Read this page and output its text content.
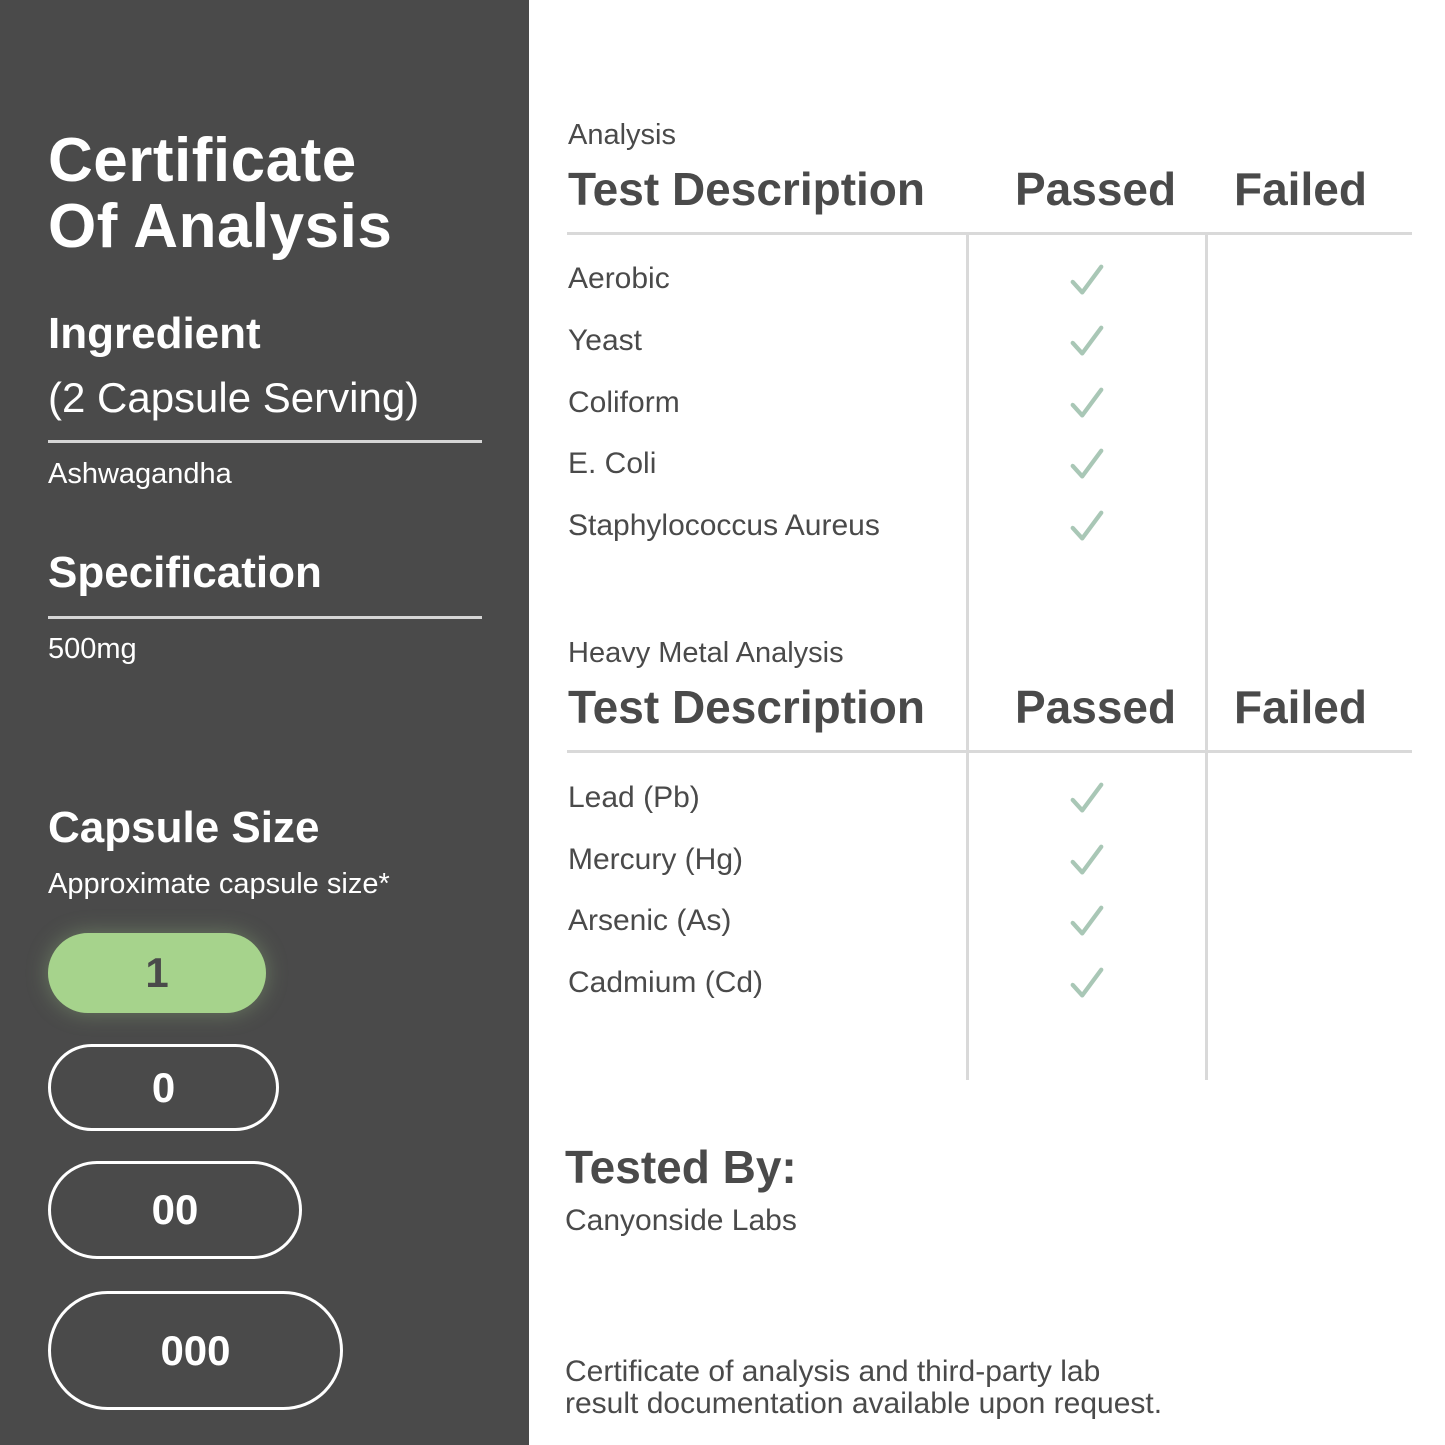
Certificate
Of Analysis
Ingredient
(2 Capsule Serving)
Ashwagandha
Specification
500mg
Capsule Size
Approximate capsule size*
1
0
00
000
Analysis
Test Description Passed Failed
Aerobic
Yeast
Coliform
E. Coli
Staphylococcus Aureus
Heavy Metal Analysis
Test Description Passed Failed
Lead (Pb)
Mercury (Hg)
Arsenic (As)
Cadmium (Cd)
Tested By:
Canyonside Labs
Certificate of analysis and third-party lab
result documentation available upon request.
